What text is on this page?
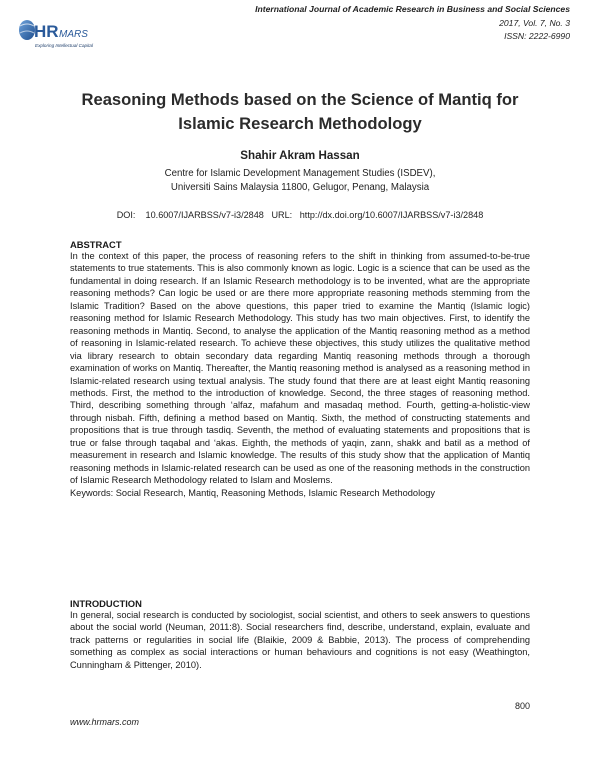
HR MARS
Exploring Intellectual Capital
International Journal of Academic Research in Business and Social Sciences
2017, Vol. 7, No. 3
ISSN: 2222-6990
Reasoning Methods based on the Science of Mantiq for
Islamic Research Methodology
Shahir Akram Hassan
Centre for Islamic Development Management Studies (ISDEV),
Universiti Sains Malaysia 11800, Gelugor, Penang, Malaysia
DOI: 10.6007/IJARBSS/v7-i3/2848 URL: http://dx.doi.org/10.6007/IJARBSS/v7-i3/2848

ABSTRACT

In the context of this paper, the process of reasoning refers to the shift in thinking from assumed-to-be-true statements to true statements. This is also commonly known as logic. Logic is a science that can be used as the fundamental in doing research. If an Islamic Research methodology is to be invented, what are the appropriate reasoning methods? Can logic be used or are there more appropriate reasoning methods stemming from the Islamic Tradition? Based on the above questions, this paper tried to examine the Mantiq (Islamic logic) reasoning method for Islamic Research Methodology. This study has two main objectives. First, to identify the reasoning methods in Mantiq. Second, to analyse the application of the Mantiq reasoning method as a method of reasoning in Islamic-related research. To achieve these objectives, this study utilizes the qualitative method via library research to obtain secondary data regarding Mantiq reasoning methods through a thorough examination of works on Mantiq. Thereafter, the Mantiq reasoning method is analysed as a reasoning method in Islamic-related research using textual analysis. The study found that there are at least eight Mantiq reasoning methods. First, the method to the introduction of knowledge. Second, the three stages of reasoning method. Third, describing something through ‘alfaz, mafahum and masadaq method. Fourth, getting-a-holistic-view through nisbah. Fifth, defining a method based on Mantiq. Sixth, the method of constructing statements and propositions that is true through tasdiq. Seventh, the method of evaluating statements and propositions that is true or false through taqabal and ‘akas. Eighth, the methods of yaqin, zann, shakk and batil as a method of measurement in research and Islamic knowledge. The results of this study show that the application of Mantiq reasoning methods in Islamic-related research can be used as one of the reasoning methods in the construction of Islamic Research Methodology related to Islam and Moslems.

Keywords: Social Research, Mantiq, Reasoning Methods, Islamic Research Methodology

INTRODUCTION

In general, social research is conducted by sociologist, social scientist, and others to seek answers to questions about the social world (Neuman, 2011:8). Social researchers find, describe, understand, explain, evaluate and track patterns or regularities in social life (Blaikie, 2009 & Babbie, 2013). The process of comprehending something as complex as social interactions or human behaviours and cognitions is not easy (Weathington, Cunningham & Pittenger, 2010).

800
www.hrmars.com
